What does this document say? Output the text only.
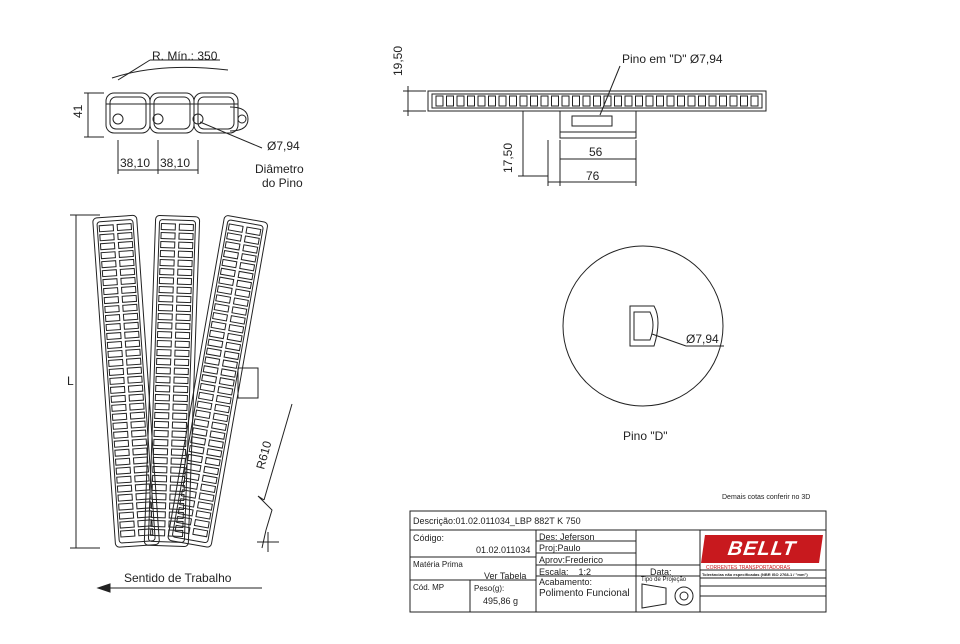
R. Mín.: 350
41
38,10 38,10
Ø7,94
Diâmetro
do Pino
Pino em "D" Ø7,94
19,50
17,50	56
76
L
R610
Sentido de Trabalho
Ø7,94
Pino "D"
Demais cotas conferir no 3D
Descrição:01.02.011034_LBP 882T K 750
Código:
01.02.011034
Matéria Prima
Ver Tabela
Cód. MP	Peso(g):
495,86 g
Des: Jeferson
Proj:Paulo
Aprov:Frederico
Escala: 1:2	Data:
Acabamento:
Polimento Funcional
Tipo de Projeção
BELLT
CORRENTES TRANSPORTADORAS
Tolerâncias não especificadas (NBR ISO 2768-1 / "mm")
